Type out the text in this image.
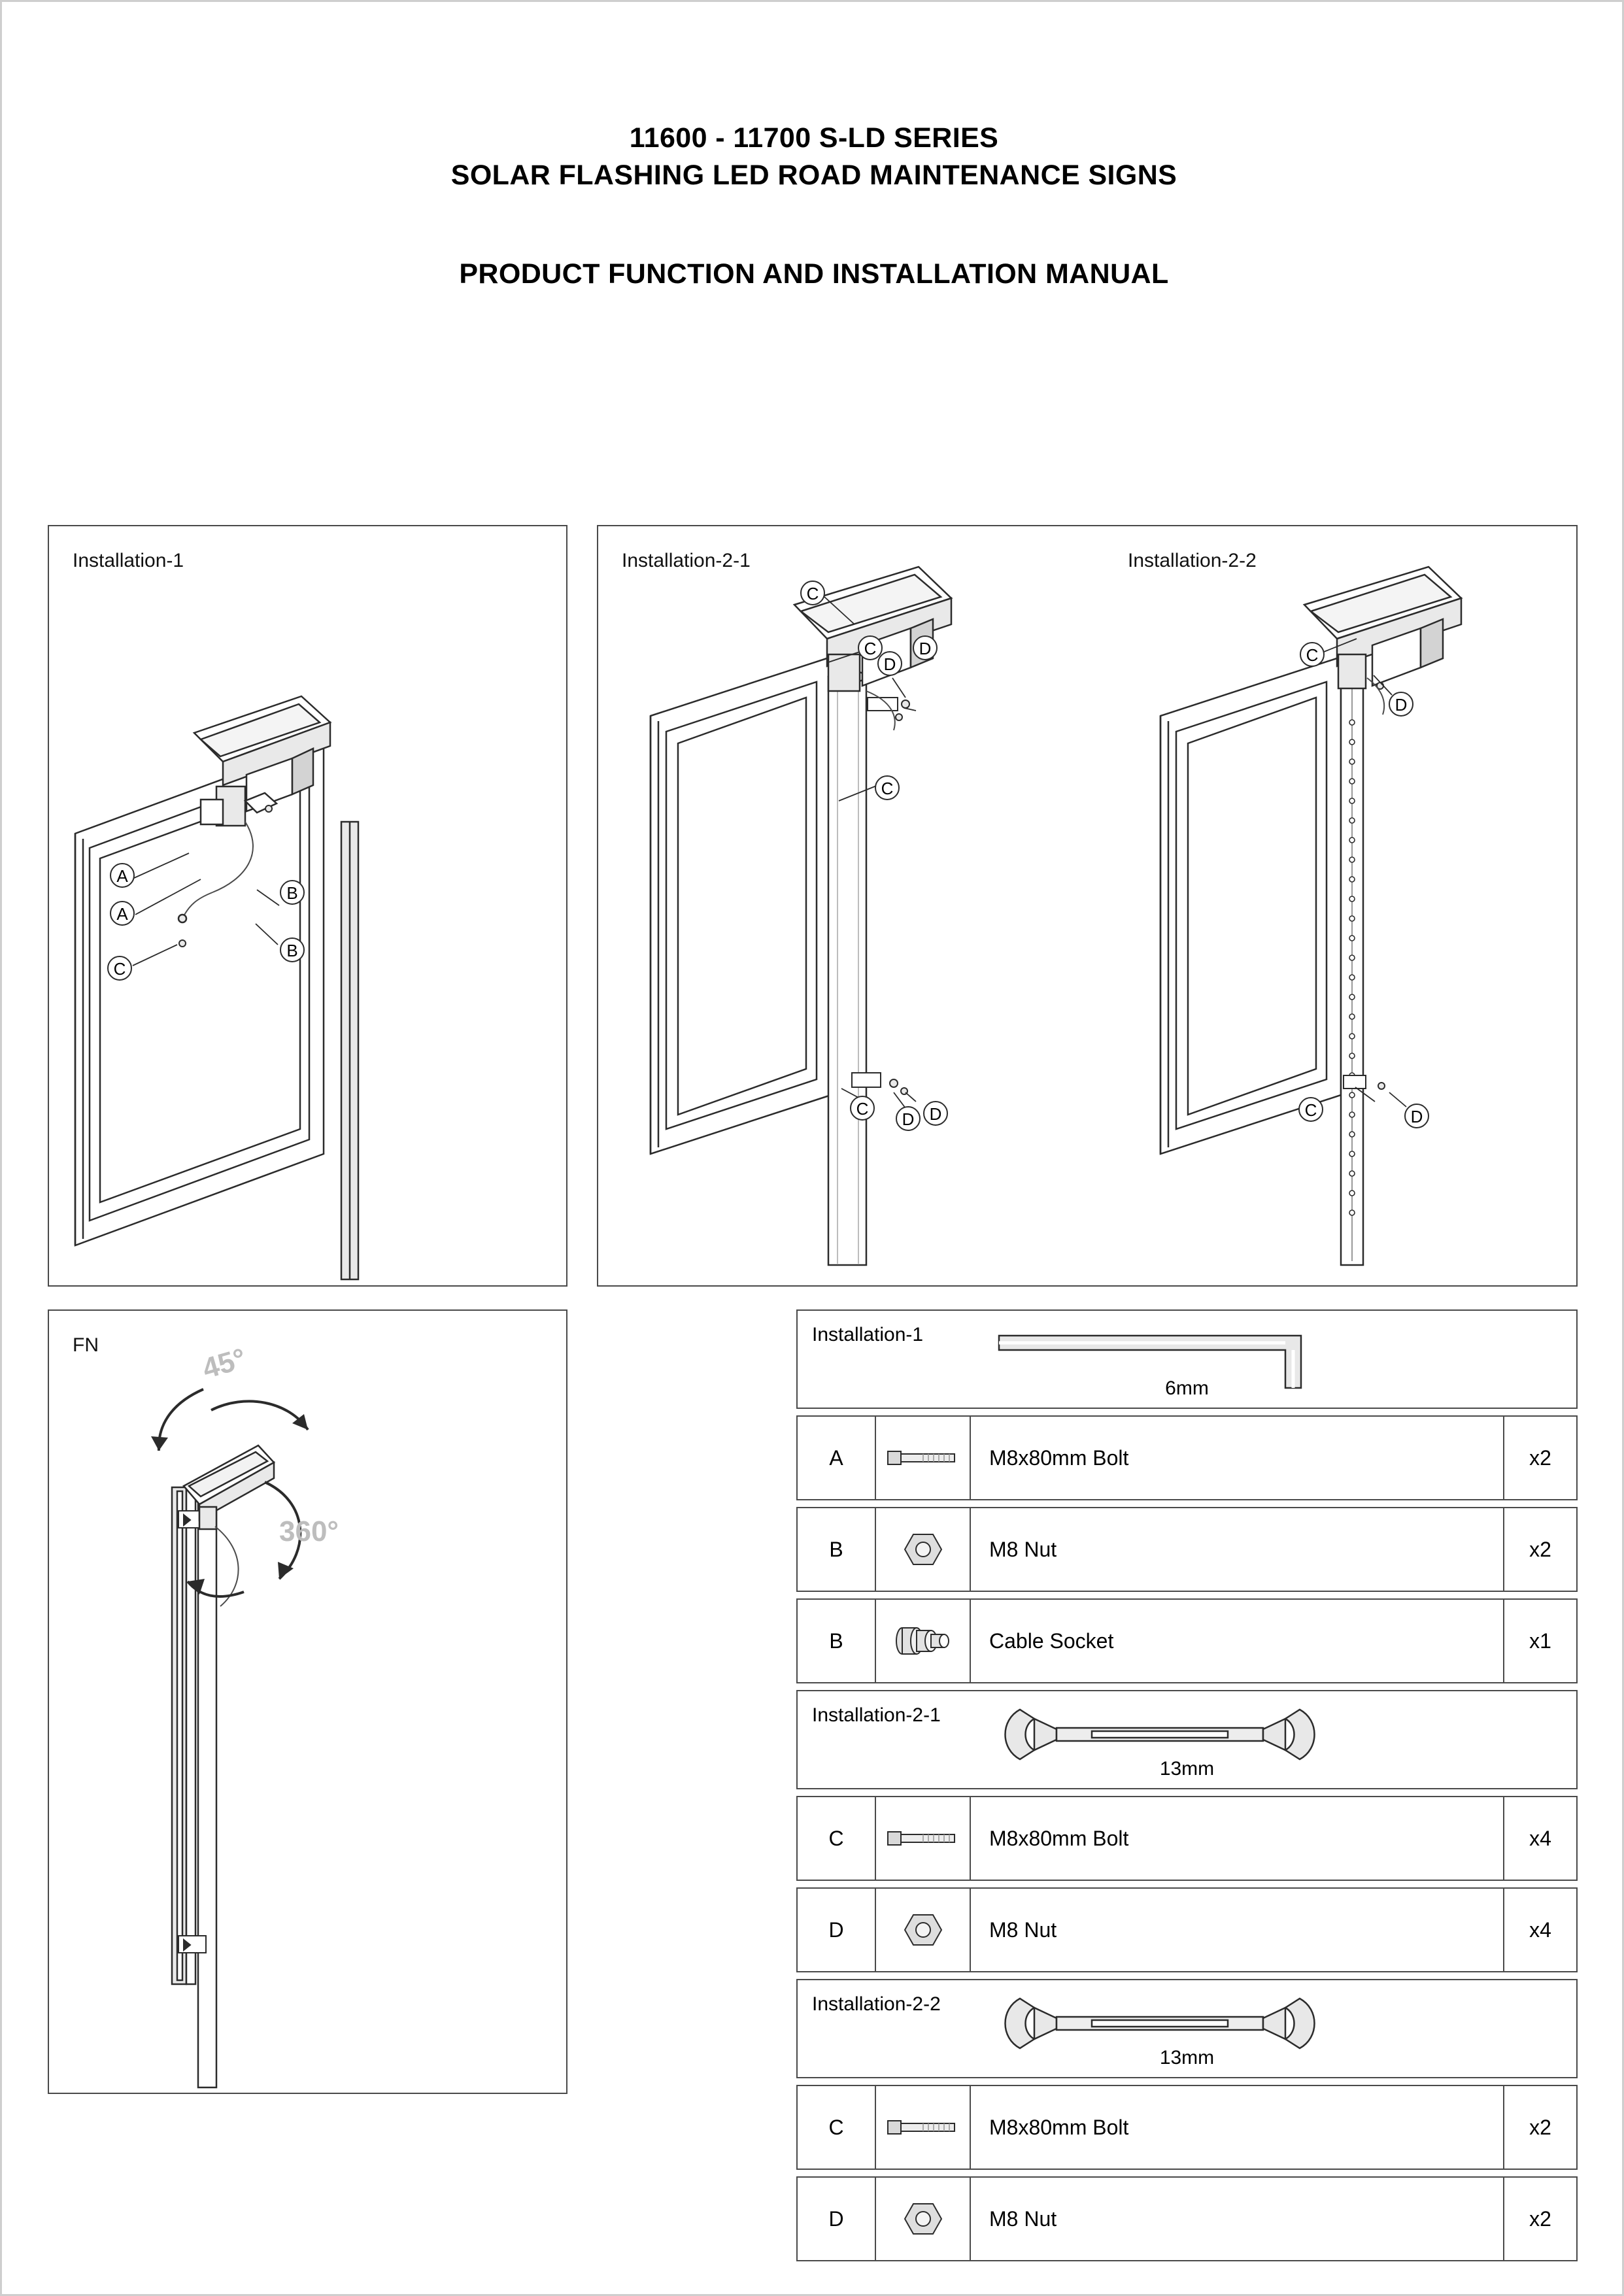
11600 - 11700 S-LD SERIES
SOLAR FLASHING LED ROAD MAINTENANCE SIGNS
PRODUCT FUNCTION AND INSTALLATION MANUAL
Installation-1
A
A
B
B
C
Installation-2-1	Installation-2-2
C
C	D
D
C
C
D D
C
D
C	D
FN	45°
360°
Installation-1
6mm
A	M8x80mm Bolt	x2
B	M8 Nut	x2
B	Cable Socket	x1
Installation-2-1
13mm
C	M8x80mm Bolt	x4
D	M8 Nut	x4
Installation-2-2
13mm
C	M8x80mm Bolt	x2
D	M8 Nut	x2
